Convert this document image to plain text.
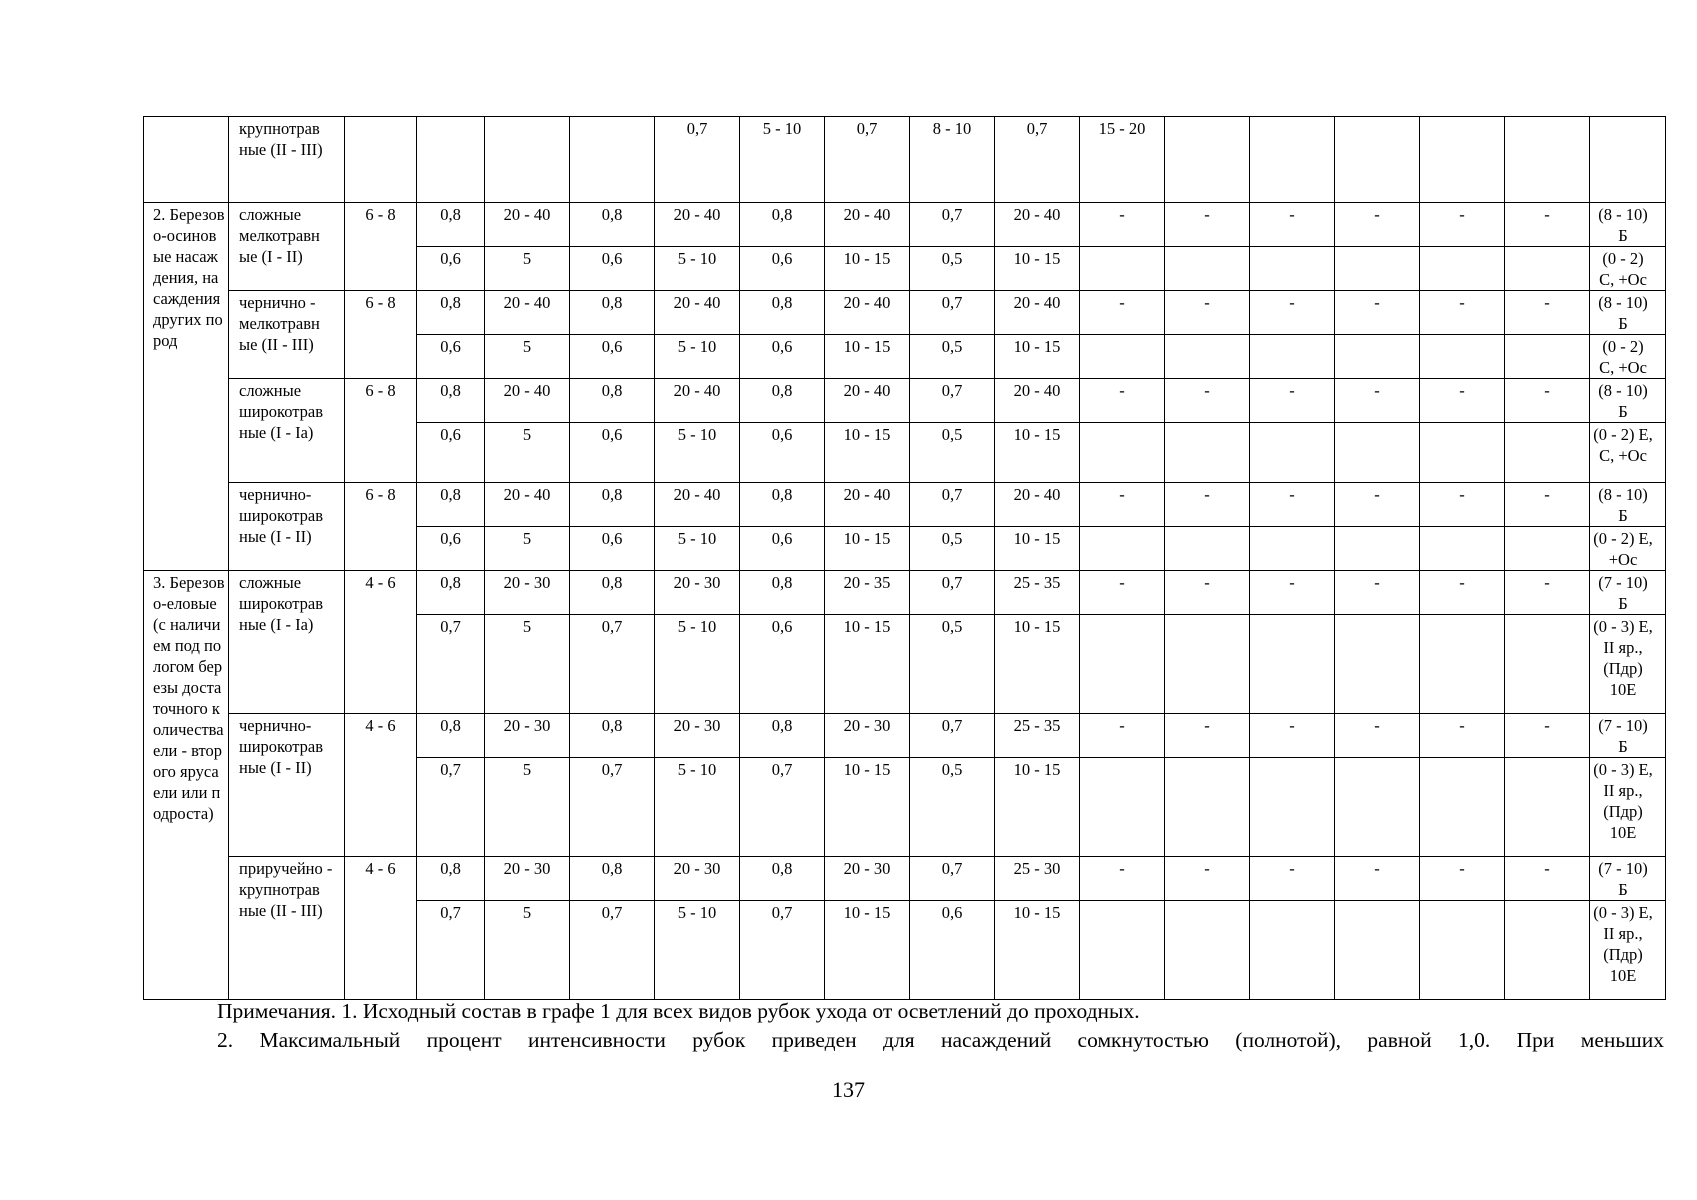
	крупнотрав ные (II - III)					0,7	5 - 10	0,7	8 - 10	0,7	15 - 20							
2. Березово-осиновые насаждения, насаждения других пород	сложные мелкотравн ые (I - II)	6 - 8	0,8	20 - 40	0,8	20 - 40	0,8	20 - 40	0,7	20 - 40	-	-	-	-	-	-	(8 - 10) Б	
			0,6	5	0,6	5 - 10	0,6	10 - 15	0,5	10 - 15							(0 - 2) С, +Ос	
	чернично - мелкотравн ые (II - III)	6 - 8	0,8	20 - 40	0,8	20 - 40	0,8	20 - 40	0,7	20 - 40	-	-	-	-	-	-	(8 - 10) Б	
			0,6	5	0,6	5 - 10	0,6	10 - 15	0,5	10 - 15							(0 - 2) С, +Ос	
	сложные широкотрав ные (I - Ia)	6 - 8	0,8	20 - 40	0,8	20 - 40	0,8	20 - 40	0,7	20 - 40	-	-	-	-	-	-	(8 - 10) Б	
			0,6	5	0,6	5 - 10	0,6	10 - 15	0,5	10 - 15							(0 - 2) Е, С, +Ос	
	чернично- широкотрав ные (I - II)	6 - 8	0,8	20 - 40	0,8	20 - 40	0,8	20 - 40	0,7	20 - 40	-	-	-	-	-	-	(8 - 10) Б	
			0,6	5	0,6	5 - 10	0,6	10 - 15	0,5	10 - 15							(0 - 2) Е, +Ос	
3. Березово-еловые (с наличием под пологом березы достаточного количества ели - второго яруса ели или подроста)	сложные широкотрав ные (I - Ia)	4 - 6	0,8	20 - 30	0,8	20 - 30	0,8	20 - 35	0,7	25 - 35	-	-	-	-	-	-	(7 - 10) Б	
			0,7	5	0,7	5 - 10	0,6	10 - 15	0,5	10 - 15							(0 - 3) Е, II яр., (Пдр) 10Е	
	чернично- широкотрав ные (I - II)	4 - 6	0,8	20 - 30	0,8	20 - 30	0,8	20 - 30	0,7	25 - 35	-	-	-	-	-	-	(7 - 10) Б	
			0,7	5	0,7	5 - 10	0,7	10 - 15	0,5	10 - 15							(0 - 3) Е, II яр., (Пдр) 10Е	
	приручейно - крупнотрав ные (II - III)	4 - 6	0,8	20 - 30	0,8	20 - 30	0,8	20 - 30	0,7	25 - 30	-	-	-	-	-	-	(7 - 10) Б	
			0,7	5	0,7	5 - 10	0,7	10 - 15	0,6	10 - 15							(0 - 3) Е, II яр., (Пдр) 10Е	
Примечания. 1. Исходный состав в графе 1 для всех видов рубок ухода от осветлений до проходных.
2. Максимальный процент интенсивности рубок приведен для насаждений сомкнутостью (полнотой), равной 1,0. При меньших
137
